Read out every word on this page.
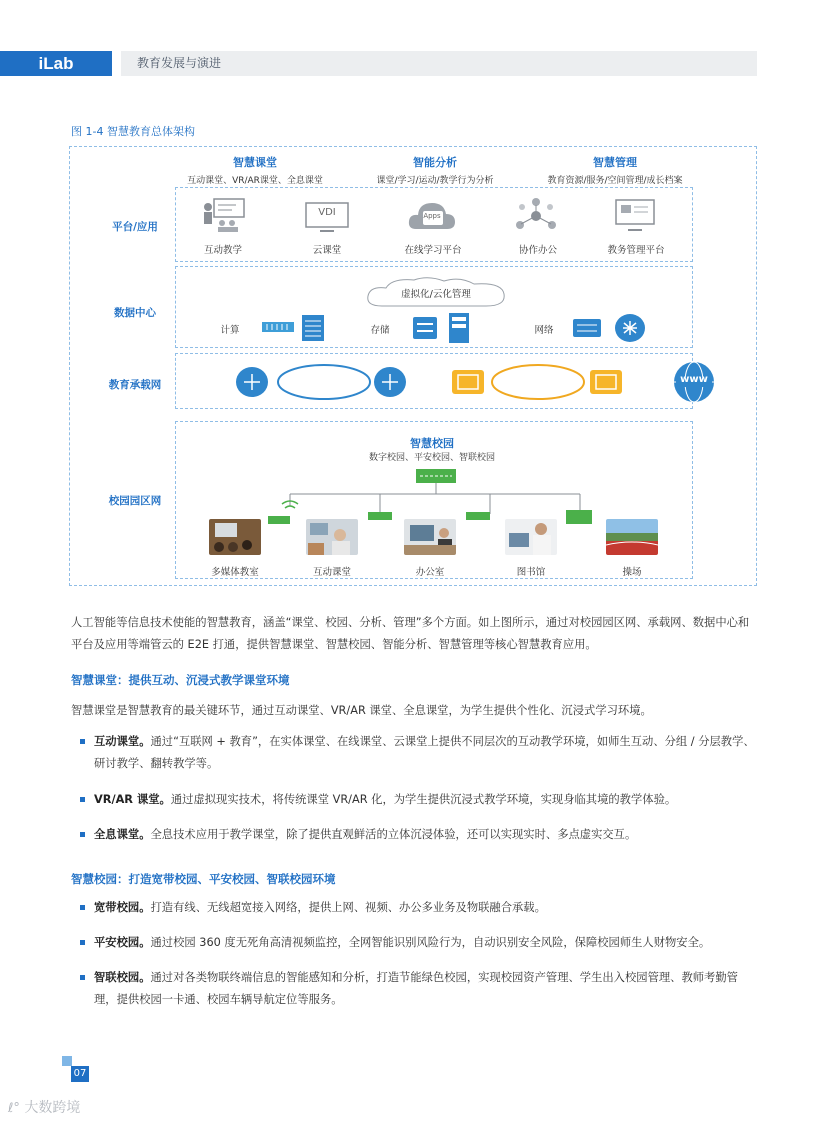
iLab	教育发展与演进
图 1-4 智慧教育总体架构
智慧课堂
互动课堂、VR/AR课堂、全息课堂
智能分析
课堂/学习/运动/教学行为分析
智慧管理
教育资源/服务/空间管理/成长档案
平台/应用
互动教学
VDI
云课堂
Apps
在线学习平台	协作办公	教务管理平台
数据中心
虚拟化/云化管理
计算	存储	网络
教育承载网	www
校园园区网
智慧校园
数字校园、平安校园、智联校园
多媒体教室	互动课堂	办公室	图书馆	操场
人工智能等信息技术使能的智慧教育，涵盖“课堂、校园、分析、管理”多个方面。如上图所示，通过对校园园区网、承载网、数据中心和平台及应用等端管云的 E2E 打通，提供智慧课堂、智慧校园、智能分析、智慧管理等核心智慧教育应用。
智慧课堂：提供互动、沉浸式教学课堂环境
智慧课堂是智慧教育的最关键环节，通过互动课堂、VR/AR 课堂、全息课堂，为学生提供个性化、沉浸式学习环境。
互动课堂。通过“互联网 + 教育”，在实体课堂、在线课堂、云课堂上提供不同层次的互动教学环境，如师生互动、分组 / 分层教学、研讨教学、翻转教学等。
VR/AR 课堂。通过虚拟现实技术，将传统课堂 VR/AR 化，为学生提供沉浸式教学环境，实现身临其境的教学体验。
全息课堂。全息技术应用于教学课堂，除了提供直观鲜活的立体沉浸体验，还可以实现实时、多点虚实交互。
智慧校园：打造宽带校园、平安校园、智联校园环境
宽带校园。打造有线、无线超宽接入网络，提供上网、视频、办公多业务及物联融合承载。
平安校园。通过校园 360 度无死角高清视频监控，全网智能识别风险行为，自动识别安全风险，保障校园师生人财物安全。
智联校园。通过对各类物联终端信息的智能感知和分析，打造节能绿色校园，实现校园资产管理、学生出入校园管理、教师考勤管理，提供校园一卡通、校园车辆导航定位等服务。
07
ℓ° 大数跨境
